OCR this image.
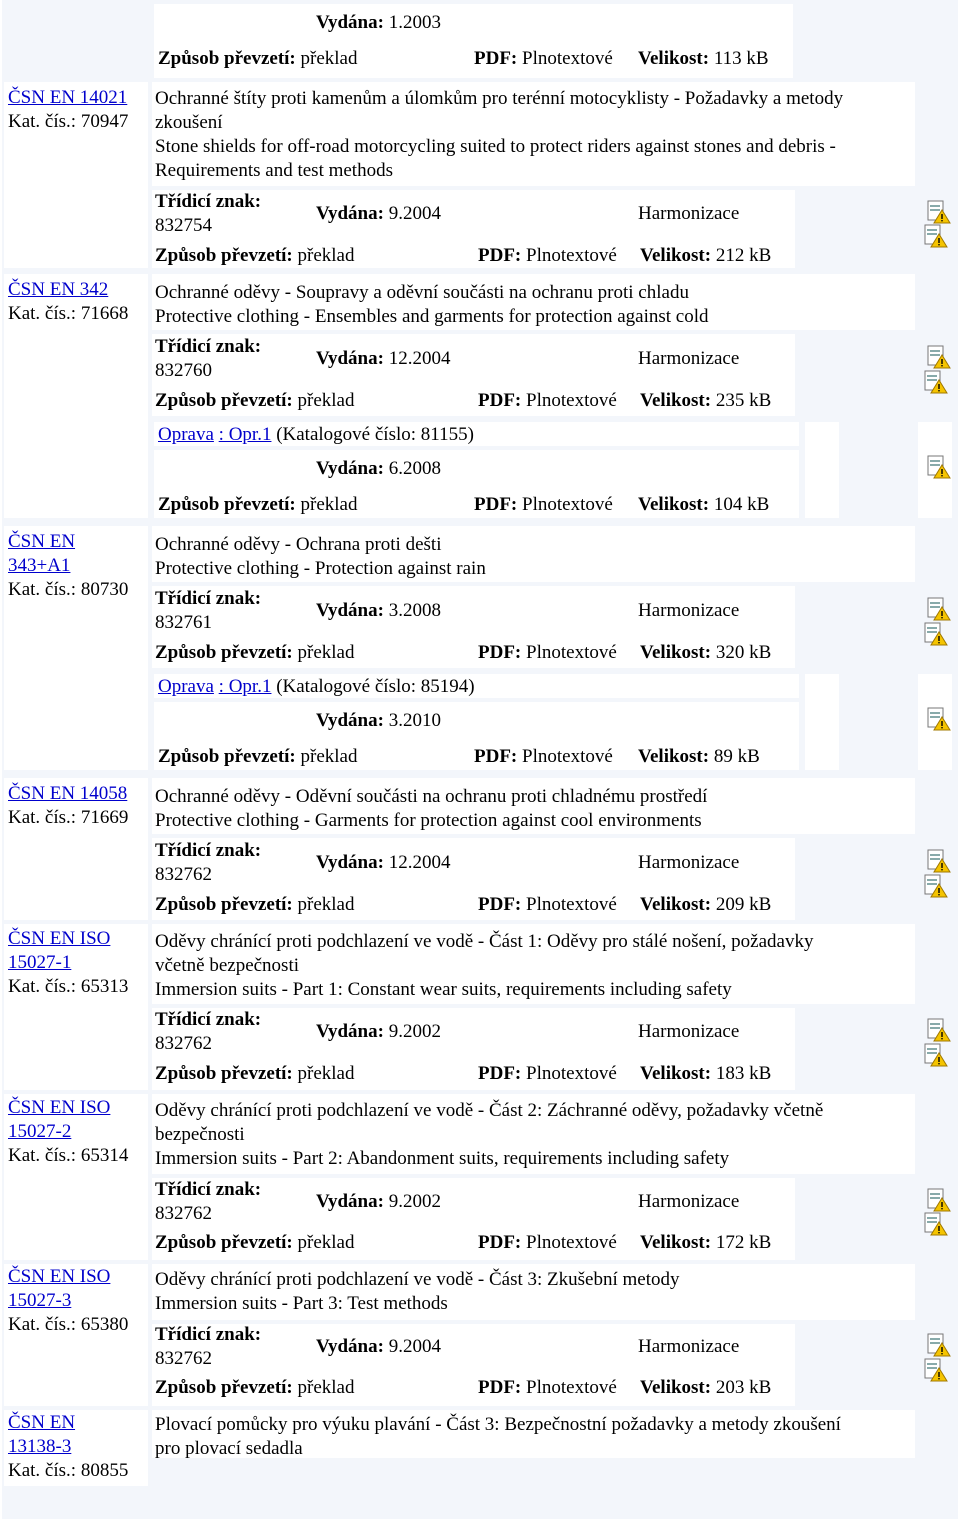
Vydána: 1.2003
Způsob převzetí: překlad	PDF: Plnotextové Velikost: 113 kB
ČSN EN 14021
Kat. čís.: 70947
Ochranné štíty proti kamenům a úlomkům pro terénní motocyklisty - Požadavky a metody
zkoušení
Stone shields for off-road motorcycling suited to protect riders against stones and debris -
Requirements and test methods
Třídicí znak:
832754
Vydána: 9.2004	Harmonizace
Způsob převzetí: překlad	PDF: Plnotextové Velikost: 212 kB
ČSN EN 342
Kat. čís.: 71668
Ochranné oděvy - Soupravy a oděvní součásti na ochranu proti chladu
Protective clothing - Ensembles and garments for protection against cold
Třídicí znak:
832760
Vydána: 12.2004	Harmonizace
Způsob převzetí: překlad	PDF: Plnotextové Velikost: 235 kB
Oprava : Opr.1 (Katalogové číslo: 81155)
Vydána: 6.2008
Způsob převzetí: překlad	PDF: Plnotextové Velikost: 104 kB
ČSN EN
343+A1
Kat. čís.: 80730
Ochranné oděvy - Ochrana proti dešti
Protective clothing - Protection against rain
Třídicí znak:
832761
Vydána: 3.2008	Harmonizace
Způsob převzetí: překlad	PDF: Plnotextové Velikost: 320 kB
Oprava : Opr.1 (Katalogové číslo: 85194)
Vydána: 3.2010
Způsob převzetí: překlad	PDF: Plnotextové Velikost: 89 kB
ČSN EN 14058
Kat. čís.: 71669
Ochranné oděvy - Oděvní součásti na ochranu proti chladnému prostředí
Protective clothing - Garments for protection against cool environments
Třídicí znak:
832762
Vydána: 12.2004	Harmonizace
Způsob převzetí: překlad	PDF: Plnotextové Velikost: 209 kB
ČSN EN ISO
15027-1
Kat. čís.: 65313
Oděvy chránící proti podchlazení ve vodě - Část 1: Oděvy pro stálé nošení, požadavky
včetně bezpečnosti
Immersion suits - Part 1: Constant wear suits, requirements including safety
Třídicí znak:
832762
Vydána: 9.2002	Harmonizace
Způsob převzetí: překlad	PDF: Plnotextové Velikost: 183 kB
ČSN EN ISO
15027-2
Kat. čís.: 65314
Oděvy chránící proti podchlazení ve vodě - Část 2: Záchranné oděvy, požadavky včetně
bezpečnosti
Immersion suits - Part 2: Abandonment suits, requirements including safety
Třídicí znak:
832762
Vydána: 9.2002	Harmonizace
Způsob převzetí: překlad	PDF: Plnotextové Velikost: 172 kB
ČSN EN ISO
15027-3
Kat. čís.: 65380
Oděvy chránící proti podchlazení ve vodě - Část 3: Zkušební metody
Immersion suits - Part 3: Test methods
Třídicí znak:
832762
Vydána: 9.2004	Harmonizace
Způsob převzetí: překlad	PDF: Plnotextové Velikost: 203 kB
Plovací pomůcky pro výuku plavání - Část 3: Bezpečnostní požadavky a metody zkoušení
pro plovací sedadla
ČSN EN
13138-3
Kat. čís.: 80855
